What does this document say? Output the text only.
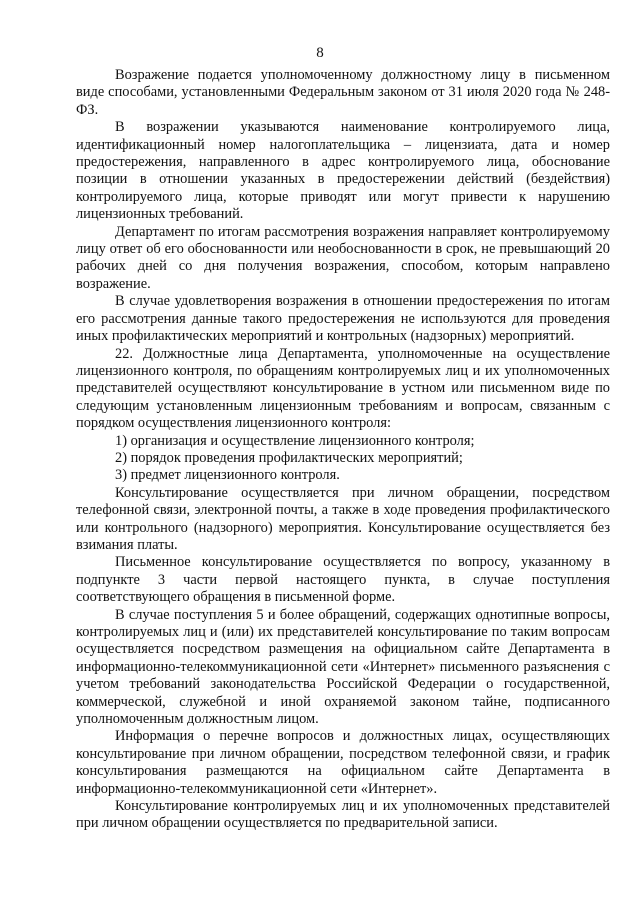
8

Возражение подается уполномоченному должностному лицу в письменном виде способами, установленными Федеральным законом от 31 июля 2020 года № 248-ФЗ.

В возражении указываются наименование контролируемого лица, идентификационный номер налогоплательщика – лицензиата, дата и номер предостережения, направленного в адрес контролируемого лица, обоснование позиции в отношении указанных в предостережении действий (бездействия) контролируемого лица, которые приводят или могут привести к нарушению лицензионных требований.

Департамент по итогам рассмотрения возражения направляет контролируемому лицу ответ об его обоснованности или необоснованности в срок, не превышающий 20 рабочих дней со дня получения возражения, способом, которым направлено возражение.

В случае удовлетворения возражения в отношении предостережения по итогам его рассмотрения данные такого предостережения не используются для проведения иных профилактических мероприятий и контрольных (надзорных) мероприятий.

22. Должностные лица Департамента, уполномоченные на осуществление лицензионного контроля, по обращениям контролируемых лиц и их уполномоченных представителей осуществляют консультирование в устном или письменном виде по следующим установленным лицензионным требованиям и вопросам, связанным с порядком осуществления лицензионного контроля:

1) организация и осуществление лицензионного контроля;

2) порядок проведения профилактических мероприятий;

3) предмет лицензионного контроля.

Консультирование осуществляется при личном обращении, посредством телефонной связи, электронной почты, а также в ходе проведения профилактического или контрольного (надзорного) мероприятия. Консультирование осуществляется без взимания платы.

Письменное консультирование осуществляется по вопросу, указанному в подпункте 3 части первой настоящего пункта, в случае поступления соответствующего обращения в письменной форме.

В случае поступления 5 и более обращений, содержащих однотипные вопросы, контролируемых лиц и (или) их представителей консультирование по таким вопросам осуществляется посредством размещения на официальном сайте Департамента в информационно-телекоммуникационной сети «Интернет» письменного разъяснения с учетом требований законодательства Российской Федерации о государственной, коммерческой, служебной и иной охраняемой законом тайне, подписанного уполномоченным должностным лицом.

Информация о перечне вопросов и должностных лицах, осуществляющих консультирование при личном обращении, посредством телефонной связи, и график консультирования размещаются на официальном сайте Департамента в информационно-телекоммуникационной сети «Интернет».

Консультирование контролируемых лиц и их уполномоченных представителей при личном обращении осуществляется по предварительной записи.
